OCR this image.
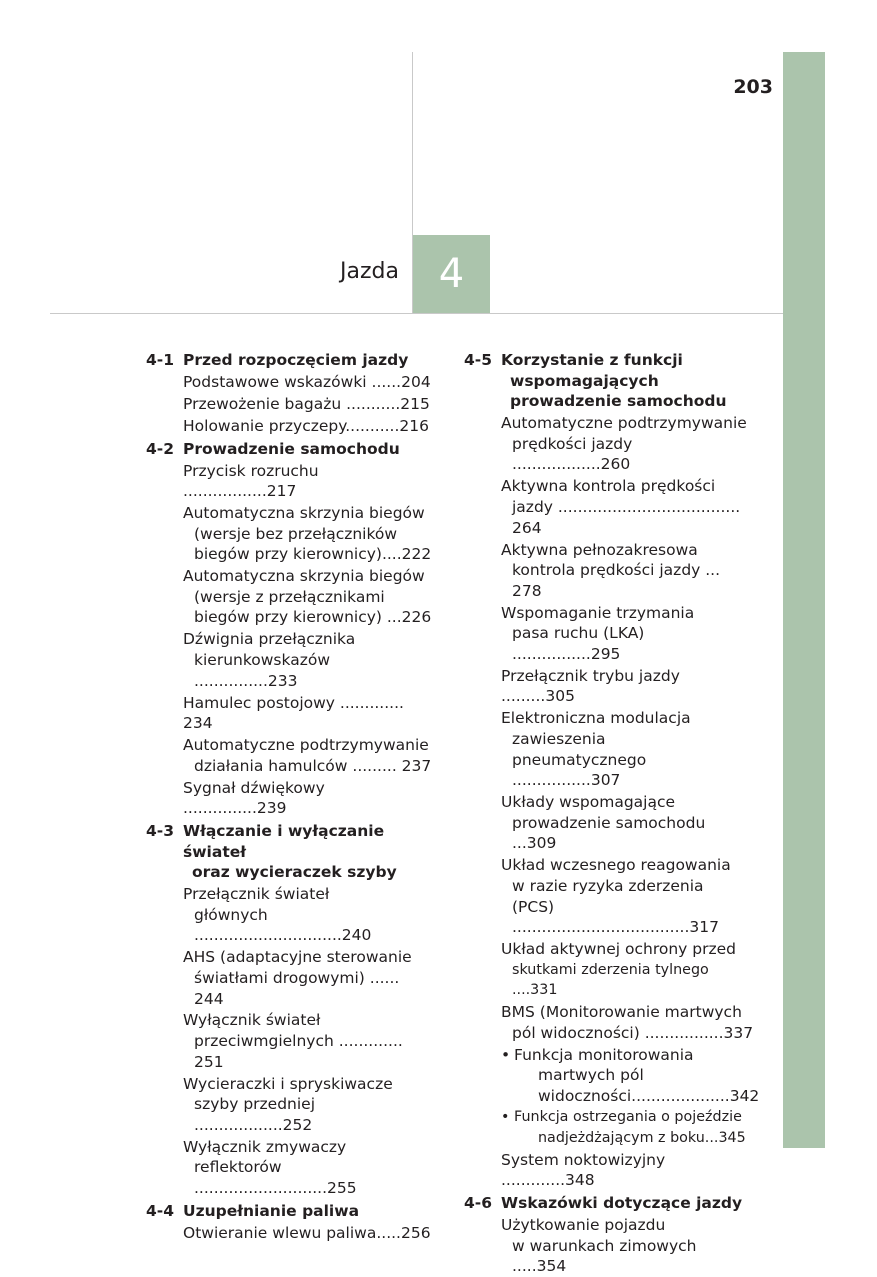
203
Jazda 4
4-1 Przed rozpoczęciem jazdy
Podstawowe wskazówki ......204
Przewożenie bagażu ...........215
Holowanie przyczepy...........216
4-2 Prowadzenie samochodu
Przycisk rozruchu .................217
Automatyczna skrzynia biegów
(wersje bez przełączników
biegów przy kierownicy)....222
Automatyczna skrzynia biegów
(wersje z przełącznikami
biegów przy kierownicy) ...226
Dźwignia przełącznika
kierunkowskazów ...............233
Hamulec postojowy ............. 234
Automatyczne podtrzymywanie
działania hamulców ......... 237
Sygnał dźwiękowy ...............239
4-3 Włączanie i wyłączanie świateł
oraz wycieraczek szyby
Przełącznik świateł
głównych ..............................240
AHS (adaptacyjne sterowanie
światłami drogowymi) ...... 244
Wyłącznik świateł
przeciwmgielnych ............. 251
Wycieraczki i spryskiwacze
szyby przedniej ..................252
Wyłącznik zmywaczy
reflektorów ...........................255
4-4 Uzupełnianie paliwa
Otwieranie wlewu paliwa.....256
4-5 Korzystanie z funkcji
wspomagających
prowadzenie samochodu
Automatyczne podtrzymywanie
prędkości jazdy ..................260
Aktywna kontrola prędkości
jazdy ..................................... 264
Aktywna pełnozakresowa
kontrola prędkości jazdy ... 278
Wspomaganie trzymania
pasa ruchu (LKA) ................295
Przełącznik trybu jazdy .........305
Elektroniczna modulacja
zawieszenia
pneumatycznego ................307
Układy wspomagające
prowadzenie samochodu ...309
Układ wczesnego reagowania
w razie ryzyka zderzenia
(PCS) ....................................317
Układ aktywnej ochrony przed
skutkami zderzenia tylnego ....331
BMS (Monitorowanie martwych
pól widoczności) ................337
• Funkcja monitorowania
martwych pól
widoczności....................342
• Funkcja ostrzegania o pojeździe
nadjeżdżającym z boku...345
System noktowizyjny .............348
4-6 Wskazówki dotyczące jazdy
Użytkowanie pojazdu
w warunkach zimowych .....354
